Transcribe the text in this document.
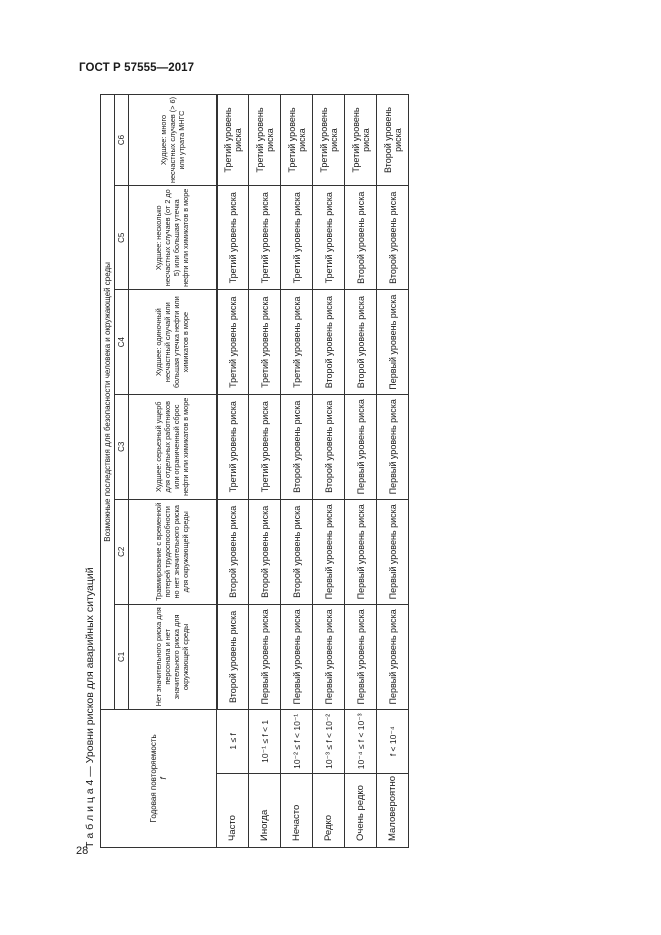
ГОСТ Р 57555—2017
Т а б л и ц а 4 — Уровни рисков для аварийных ситуаций	Годовая повторяемость
f		Возможные последствия для безопасности человека и окружающей среды					
		C1	C2	C3	C4	C5	C6
		Нет значительного риска для персонала и нет значительного риска для окружающей среды	Травмирование с временной потерей трудоспособности но нет значительного риска для окружающей среды	Худшее: серьезный ущерб для отдельных работников или ограниченный сброс нефти или химикатов в море	Худшее: одиночный несчастный случай или большая утечка нефти или химикатов в море	Худшее: несколько несчастных случаев (от 2 до 5) или большая утечка нефти или химикатов в море	Худшее: много несчастных случаев (> 6) или утрата МНГС
Часто	1 ≤ f	Второй уровень риска	Второй уровень риска	Третий уровень риска	Третий уровень риска	Третий уровень риска	Третий уровень риска
Иногда	10⁻¹ ≤ f < 1	Первый уровень риска	Второй уровень риска	Третий уровень риска	Третий уровень риска	Третий уровень риска	Третий уровень риска
Нечасто	10⁻² ≤ f < 10⁻¹	Первый уровень риска	Второй уровень риска	Второй уровень риска	Третий уровень риска	Третий уровень риска	Третий уровень риска
Редко	10⁻³ ≤ f < 10⁻²	Первый уровень риска	Первый уровень риска	Второй уровень риска	Второй уровень риска	Третий уровень риска	Третий уровень риска
Очень редко	10⁻⁴ ≤ f < 10⁻³	Первый уровень риска	Первый уровень риска	Первый уровень риска	Второй уровень риска	Второй уровень риска	Третий уровень риска
Маловероятно	f < 10⁻⁴	Первый уровень риска	Первый уровень риска	Первый уровень риска	Первый уровень риска	Второй уровень риска	Второй уровень риска
28
